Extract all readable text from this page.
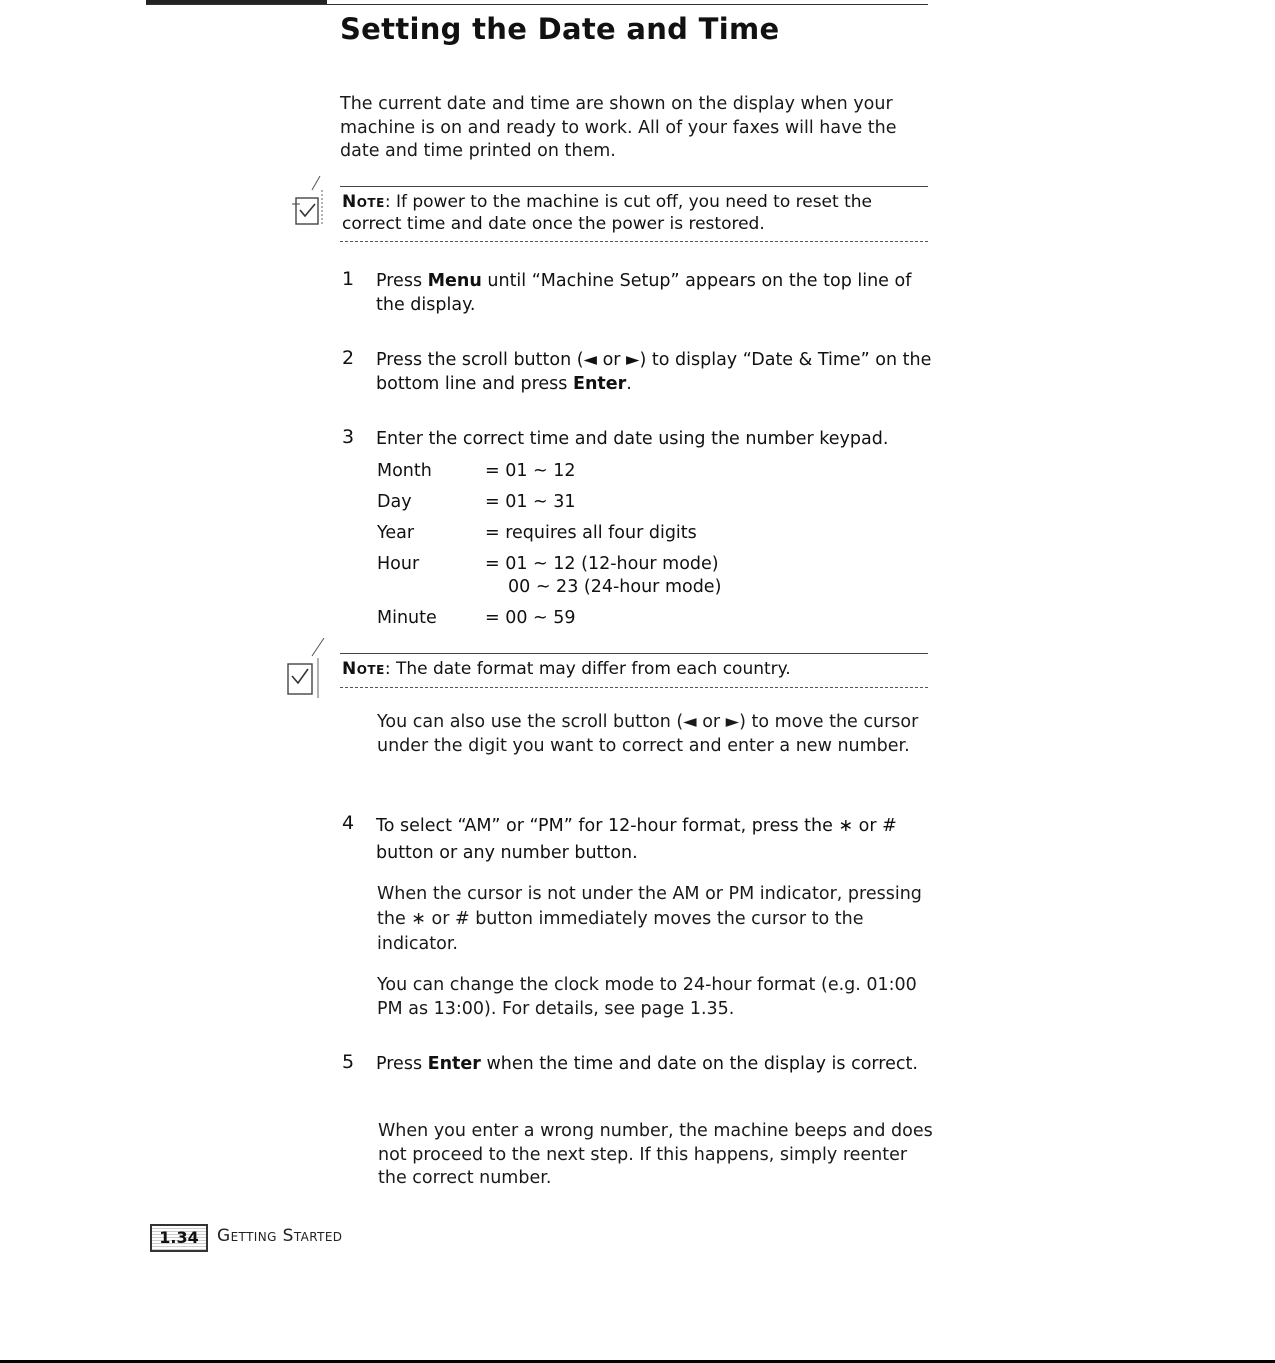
Setting the Date and Time

The current date and time are shown on the display when your machine is on and ready to work. All of your faxes will have the date and time printed on them.

Note: If power to the machine is cut off, you need to reset the correct time and date once the power is restored.

1 Press Menu until “Machine Setup” appears on the top line of the display.

2 Press the scroll button (◄ or ►) to display “Date & Time” on the bottom line and press Enter.

3 Enter the correct time and date using the number keypad.

Month	= 01 ~ 12
Day	= 01 ~ 31
Year	= requires all four digits
Hour	= 01 ~ 12 (12-hour mode)
00 ~ 23 (24-hour mode)
Minute	= 00 ~ 59

Note: The date format may differ from each country.

You can also use the scroll button (◄ or ►) to move the cursor under the digit you want to correct and enter a new number.

4 To select “AM” or “PM” for 12-hour format, press the ∗ or # button or any number button.

When the cursor is not under the AM or PM indicator, pressing the ∗ or # button immediately moves the cursor to the indicator.

You can change the clock mode to 24-hour format (e.g. 01:00 PM as 13:00). For details, see page 1.35.

5 Press Enter when the time and date on the display is correct.

When you enter a wrong number, the machine beeps and does not proceed to the next step. If this happens, simply reenter the correct number.

1.34	Getting Started
